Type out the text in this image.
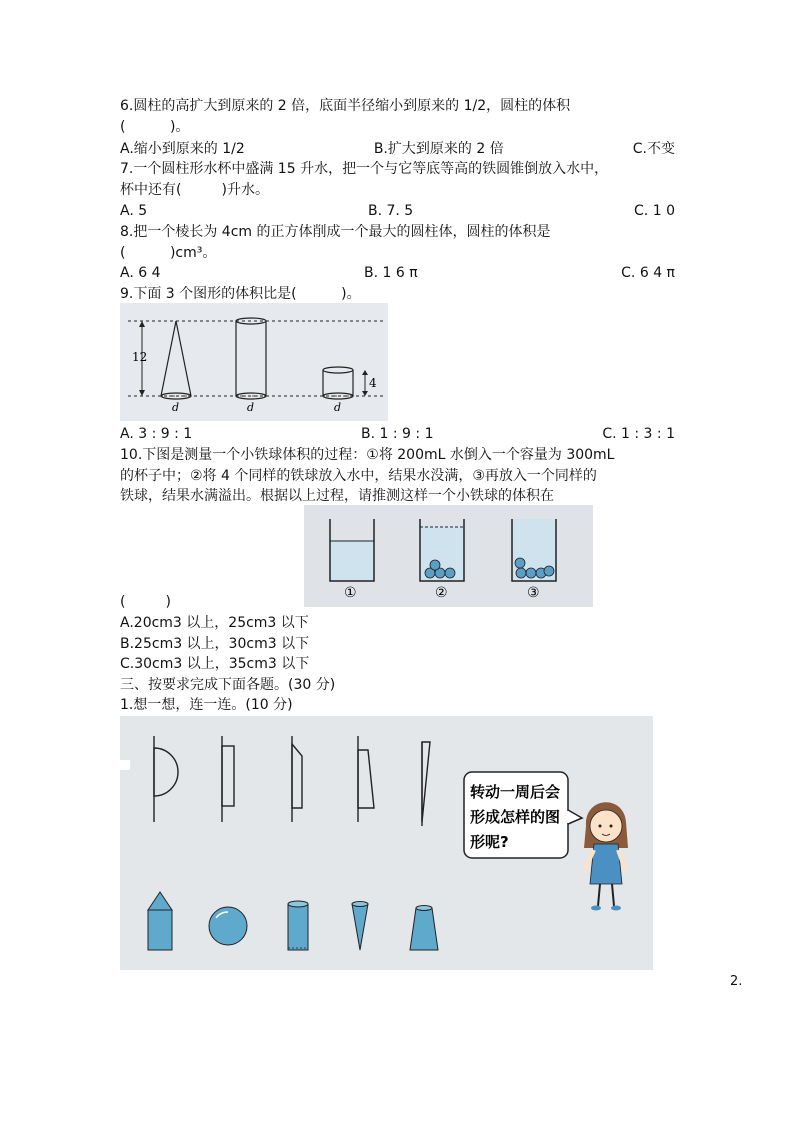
6.圆柱的高扩大到原来的 2 倍，底面半径缩小到原来的 1/2，圆柱的体积
(          )。
A.缩小到原来的 1/2	B.扩大到原来的 2 倍	C.不变
7.一个圆柱形水杯中盛满 15 升水，把一个与它等底等高的铁圆锥倒放入水中，
杯中还有(         )升水。
A. 5	B. 7. 5	C. 1 0
8.把一个棱长为 4cm 的正方体削成一个最大的圆柱体，圆柱的体积是
(          )cm³。
A. 6 4	B. 1 6 π	C. 6 4 π
9.下面 3 个图形的体积比是(          )。
12
d	d
4
d
A. 3 : 9 : 1	B. 1 : 9 : 1	C. 1 : 3 : 1
10.下图是测量一个小铁球体积的过程：①将 200mL 水倒入一个容量为 300mL
的杯子中；②将 4 个同样的铁球放入水中，结果水没满，③再放入一个同样的
铁球，结果水满溢出。根据以上过程，请推测这样一个小铁球的体积在
①	②	③
(         )
A.20cm3 以上，25cm3 以下
B.25cm3 以上，30cm3 以下
C.30cm3 以上，35cm3 以下
三、按要求完成下面各题。(30 分)
1.想一想，连一连。(10 分)
转动一周后会
形成怎样的图
形呢?
2.
